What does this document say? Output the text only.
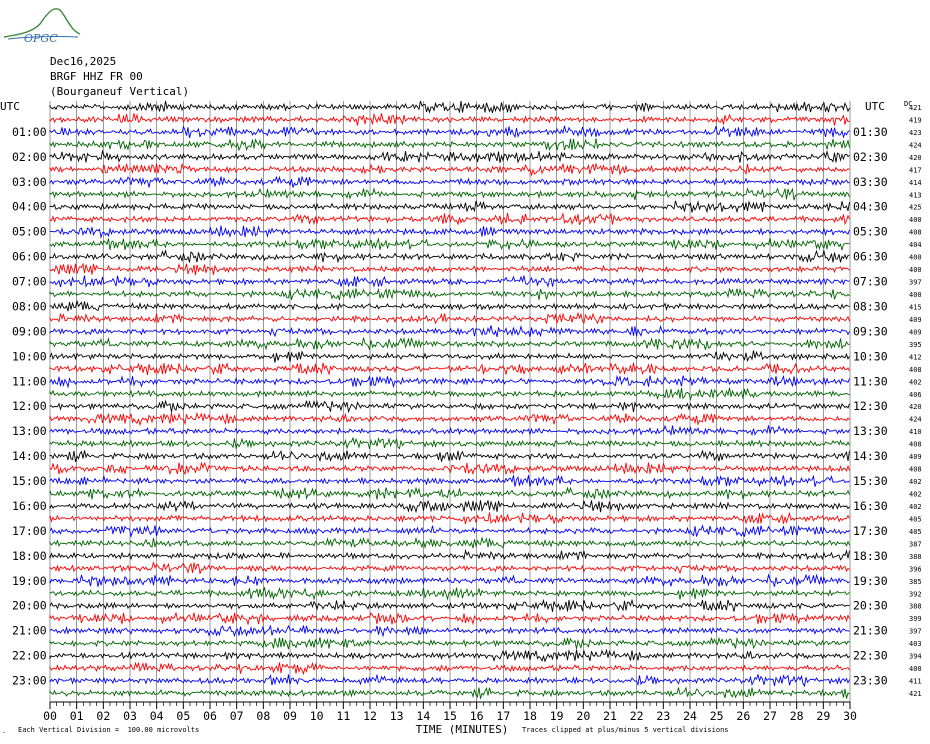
OPGC
Dec16,2025
BRGF HHZ FR 00
(Bourganeuf Vertical)
UTC	UTC	DC
01:00
02:00
03:00
04:00
05:00
06:00
07:00
08:00
09:00
10:00
11:00
12:00
13:00
14:00
15:00
16:00
17:00
18:00
19:00
20:00
21:00
22:00
23:00
01:30
02:30
03:30
04:30
05:30
06:30
07:30
08:30
09:30
10:30
11:30
12:30
13:30
14:30
15:30
16:30
17:30
18:30
19:30
20:30
21:30
22:30
23:30
421
419
423
424
420
417
414
413
425
400
408
404
400
400
397
400
415
409
409
395
412
408
402
406
420
424
410
408
409
408
402
402
402
405
405
387
388
396
385
392
388
399
397
403
394
400
411
421
00 01 02 03 04 05 06 07 08 09 10 11 12 13 14 15 16 17 18 19 20 21 22 23 24 25 26 27 28 29 30
TIME (MINUTES)
. Each Vertical Division =  100.00 microvolts	Traces clipped at plus/minus 5 vertical divisions
